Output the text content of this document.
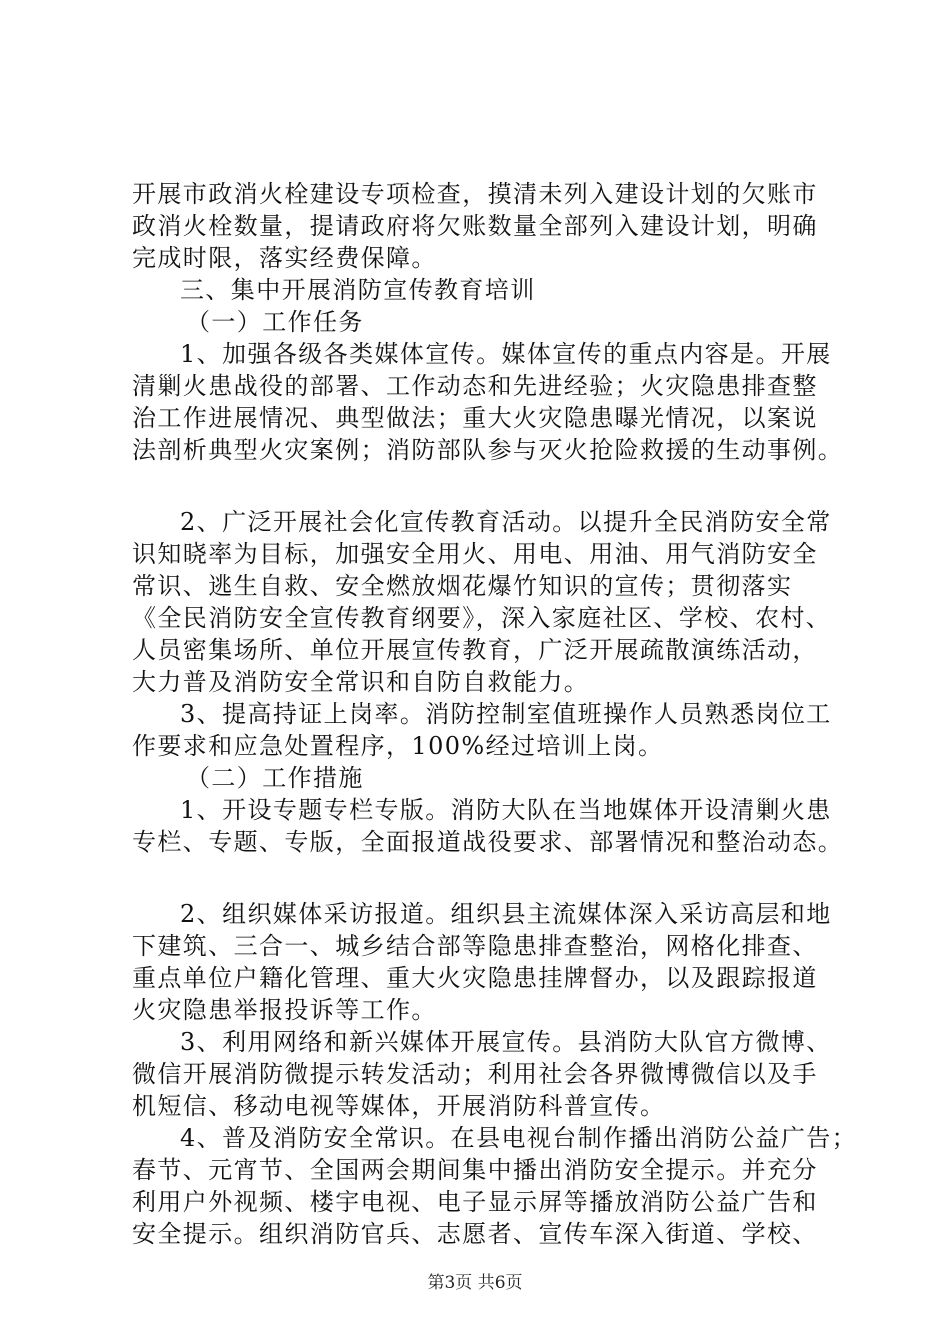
开展市政消火栓建设专项检查，摸清未列入建设计划的欠账市
政消火栓数量，提请政府将欠账数量全部列入建设计划，明确
完成时限，落实经费保障。
三、集中开展消防宣传教育培训
（一）工作任务
1、加强各级各类媒体宣传。媒体宣传的重点内容是。开展
清剿火患战役的部署、工作动态和先进经验；火灾隐患排查整
治工作进展情况、典型做法；重大火灾隐患曝光情况，以案说
法剖析典型火灾案例；消防部队参与灭火抢险救援的生动事例。
2、广泛开展社会化宣传教育活动。以提升全民消防安全常
识知晓率为目标，加强安全用火、用电、用油、用气消防安全
常识、逃生自救、安全燃放烟花爆竹知识的宣传；贯彻落实
《全民消防安全宣传教育纲要》，深入家庭社区、学校、农村、
人员密集场所、单位开展宣传教育，广泛开展疏散演练活动，
大力普及消防安全常识和自防自救能力。
3、提高持证上岗率。消防控制室值班操作人员熟悉岗位工
作要求和应急处置程序，100%经过培训上岗。
（二）工作措施
1、开设专题专栏专版。消防大队在当地媒体开设清剿火患
专栏、专题、专版，全面报道战役要求、部署情况和整治动态。
2、组织媒体采访报道。组织县主流媒体深入采访高层和地
下建筑、三合一、城乡结合部等隐患排查整治，网格化排查、
重点单位户籍化管理、重大火灾隐患挂牌督办，以及跟踪报道
火灾隐患举报投诉等工作。
3、利用网络和新兴媒体开展宣传。县消防大队官方微博、
微信开展消防微提示转发活动；利用社会各界微博微信以及手
机短信、移动电视等媒体，开展消防科普宣传。
4、普及消防安全常识。在县电视台制作播出消防公益广告；
春节、元宵节、全国两会期间集中播出消防安全提示。并充分
利用户外视频、楼宇电视、电子显示屏等播放消防公益广告和
安全提示。组织消防官兵、志愿者、宣传车深入街道、学校、
第3页 共6页
